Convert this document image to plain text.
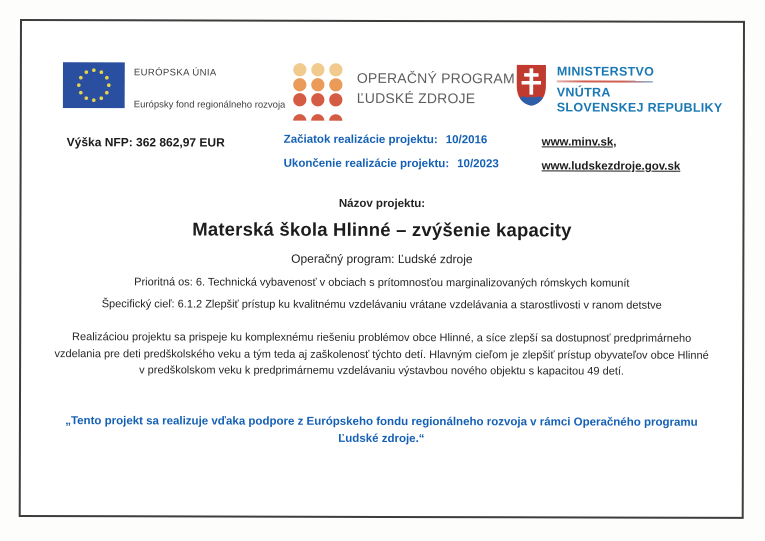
EURÓPSKA ÚNIA
Európsky fond regionálneho rozvoja
OPERAČNÝ PROGRAM
ĽUDSKÉ ZDROJE
MINISTERSTVO
VNÚTRA
SLOVENSKEJ REPUBLIKY
Výška NFP: 362 862,97 EUR	Začiatok realizácie projektu: 10/2016
Ukončenie realizácie projektu: 10/2023
www.minv.sk,
www.ludskezdroje.gov.sk
Názov projektu:
Materská škola Hlinné – zvýšenie kapacity
Operačný program: Ľudské zdroje
Prioritná os: 6. Technická vybavenosť v obciach s prítomnosťou marginalizovaných rómskych komunít
Špecifický cieľ: 6.1.2 Zlepšiť prístup ku kvalitnému vzdelávaniu vrátane vzdelávania a starostlivosti v ranom detstve

Realizáciou projektu sa prispeje ku komplexnému riešeniu problémov obce Hlinné, a síce zlepší sa dostupnosť predprimárneho vzdelania pre deti predškolského veku a tým teda aj zaškolenosť týchto detí. Hlavným cieľom je zlepšiť prístup obyvateľov obce Hlinné v predškolskom veku k predprimárnemu vzdelávaniu výstavbou nového objektu s kapacitou 49 detí.

„Tento projekt sa realizuje vďaka podpore z Európskeho fondu regionálneho rozvoja v rámci Operačného programu Ľudské zdroje.“
